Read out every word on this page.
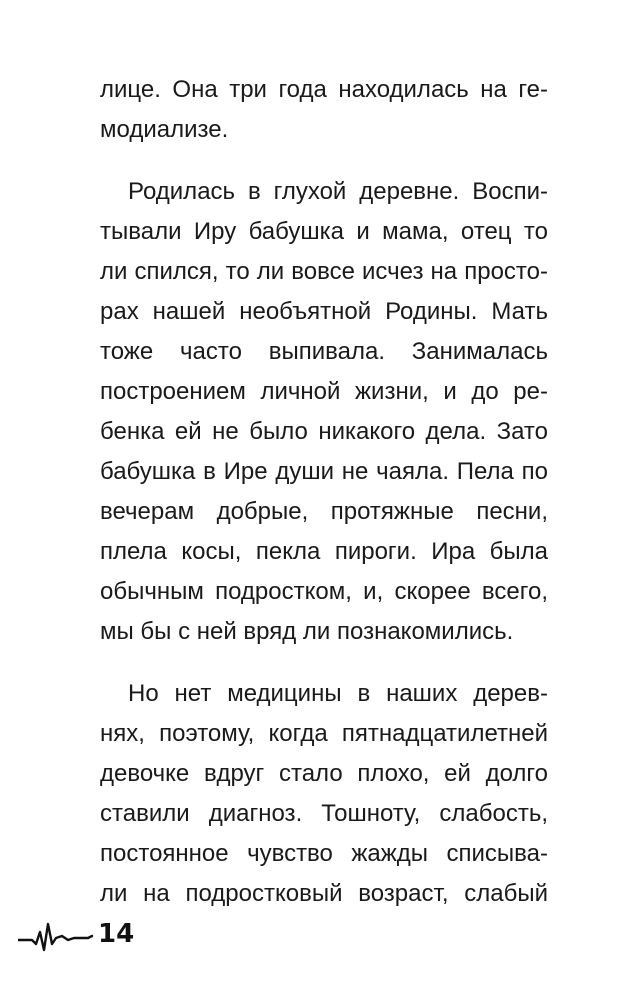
лице. Она три года находилась на ге-
модиализе.
Родилась в глухой деревне. Воспи-
тывали Иру бабушка и мама, отец то
ли спился, то ли вовсе исчез на просто-
рах нашей необъятной Родины. Мать
тоже часто выпивала. Занималась
построением личной жизни, и до ре-
бенка ей не было никакого дела. Зато
бабушка в Ире души не чаяла. Пела по
вечерам добрые, протяжные песни,
плела косы, пекла пироги. Ира была
обычным подростком, и, скорее всего,
мы бы с ней вряд ли познакомились.
Но нет медицины в наших дерев-
нях, поэтому, когда пятнадцатилетней
девочке вдруг стало плохо, ей долго
ставили диагноз. Тошноту, слабость,
постоянное чувство жажды списыва-
ли на подростковый возраст, слабый
14
